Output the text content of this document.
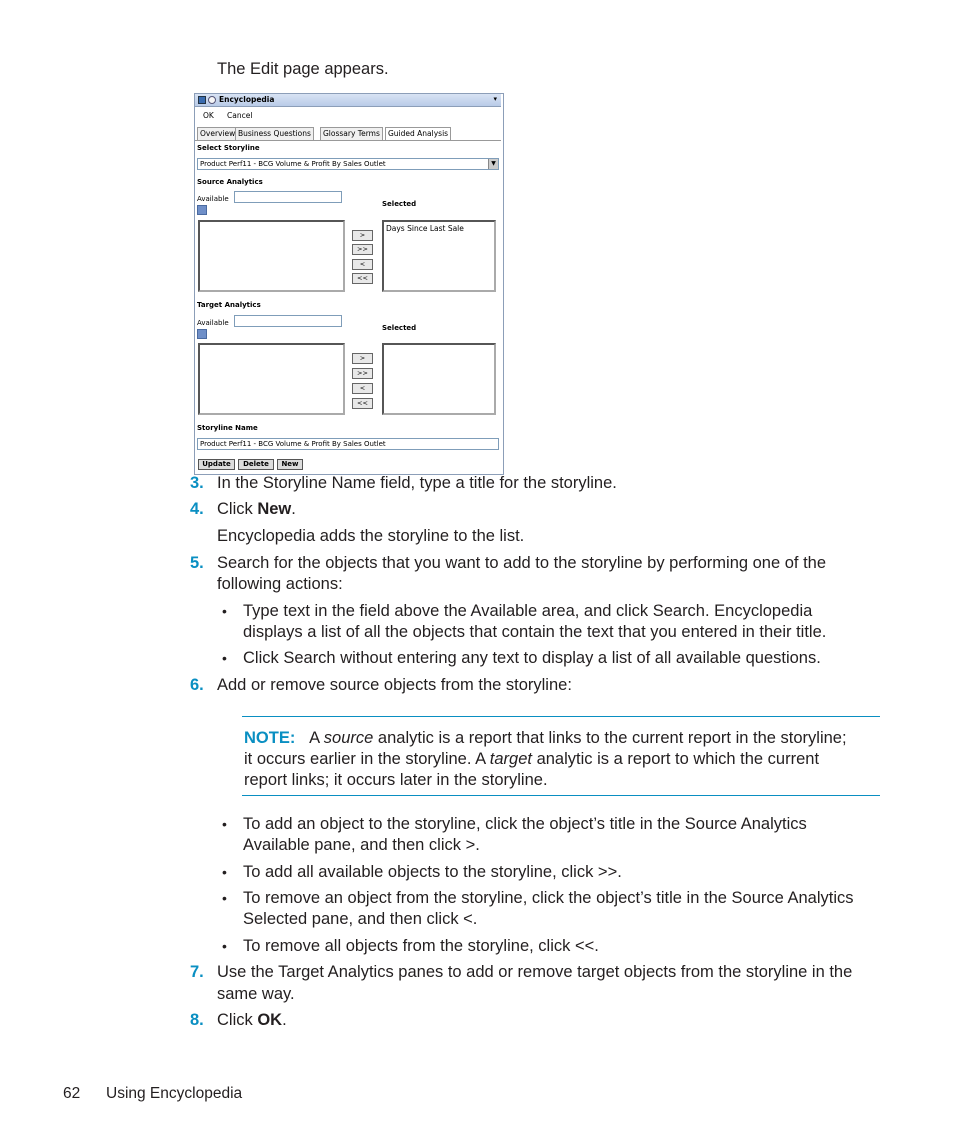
The Edit page appears.
Encyclopedia	▾
OK Cancel
Overview Business Questions	Glossary Terms	Guided Analysis
Select Storyline
Product Perf11 - BCG Volume & Profit By Sales Outlet	▼
Source Analytics
Available
Selected
>
>>
<
<<
Days Since Last Sale
Target Analytics
Available
Selected
>
>>
<
<<
Storyline Name
Product Perf11 - BCG Volume & Profit By Sales Outlet
Update	Delete	New
3. In the Storyline Name field, type a title for the storyline.
4. Click New.
Encyclopedia adds the storyline to the list.
5. Search for the objects that you want to add to the storyline by performing one of the
following actions:
• Type text in the field above the Available area, and click Search. Encyclopedia
displays a list of all the objects that contain the text that you entered in their title.
• Click Search without entering any text to display a list of all available questions.
6. Add or remove source objects from the storyline:
NOTE: A source analytic is a report that links to the current report in the storyline;
it occurs earlier in the storyline. A target analytic is a report to which the current
report links; it occurs later in the storyline.
• To add an object to the storyline, click the object’s title in the Source Analytics
Available pane, and then click >.
• To add all available objects to the storyline, click >>.
• To remove an object from the storyline, click the object’s title in the Source Analytics
Selected pane, and then click <.
• To remove all objects from the storyline, click <<.
7. Use the Target Analytics panes to add or remove target objects from the storyline in the
same way.
8. Click OK.
62 Using Encyclopedia
